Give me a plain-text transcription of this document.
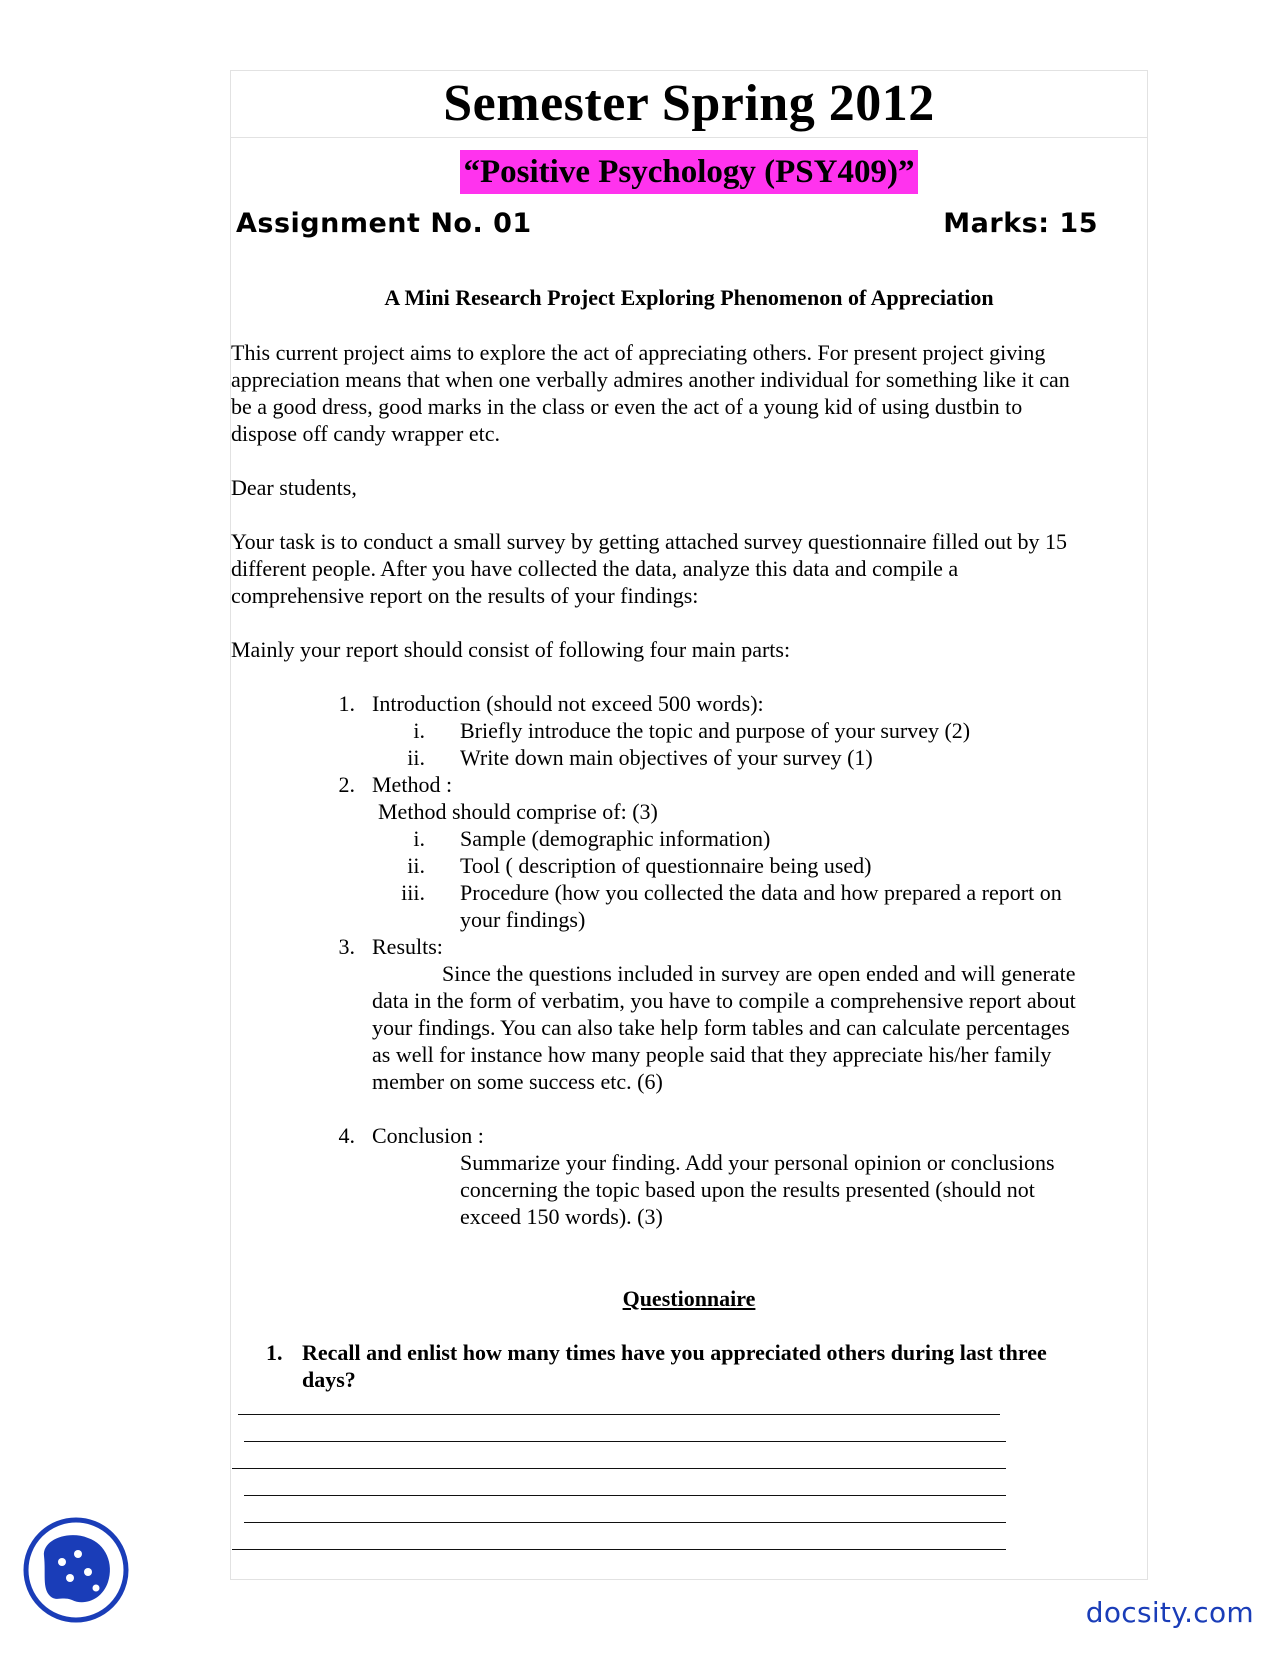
Semester Spring 2012
“Positive Psychology (PSY409)”
Assignment No. 01	Marks: 15
A Mini Research Project Exploring Phenomenon of Appreciation
This current project aims to explore the act of appreciating others. For present project giving
appreciation means that when one verbally admires another individual for something like it can
be a good dress, good marks in the class or even the act of a young kid of using dustbin to
dispose off candy wrapper etc.
Dear students,
Your task is to conduct a small survey by getting attached survey questionnaire filled out by 15
different people. After you have collected the data, analyze this data and compile a
comprehensive report on the results of your findings:
Mainly your report should consist of following four main parts:
1. Introduction (should not exceed 500 words):
i. Briefly introduce the topic and purpose of your survey (2)
ii. Write down main objectives of your survey (1)
2. Method :
Method should comprise of: (3)
i. Sample (demographic information)
ii. Tool ( description of questionnaire being used)
iii. Procedure (how you collected the data and how prepared a report on
your findings)
3. Results:
Since the questions included in survey are open ended and will generate
data in the form of verbatim, you have to compile a comprehensive report about
your findings. You can also take help form tables and can calculate percentages
as well for instance how many people said that they appreciate his/her family
member on some success etc. (6)
4. Conclusion :
Summarize your finding. Add your personal opinion or conclusions
concerning the topic based upon the results presented (should not
exceed 150 words). (3)
Questionnaire
1. Recall and enlist how many times have you appreciated others during last three
days?
docsity.com
